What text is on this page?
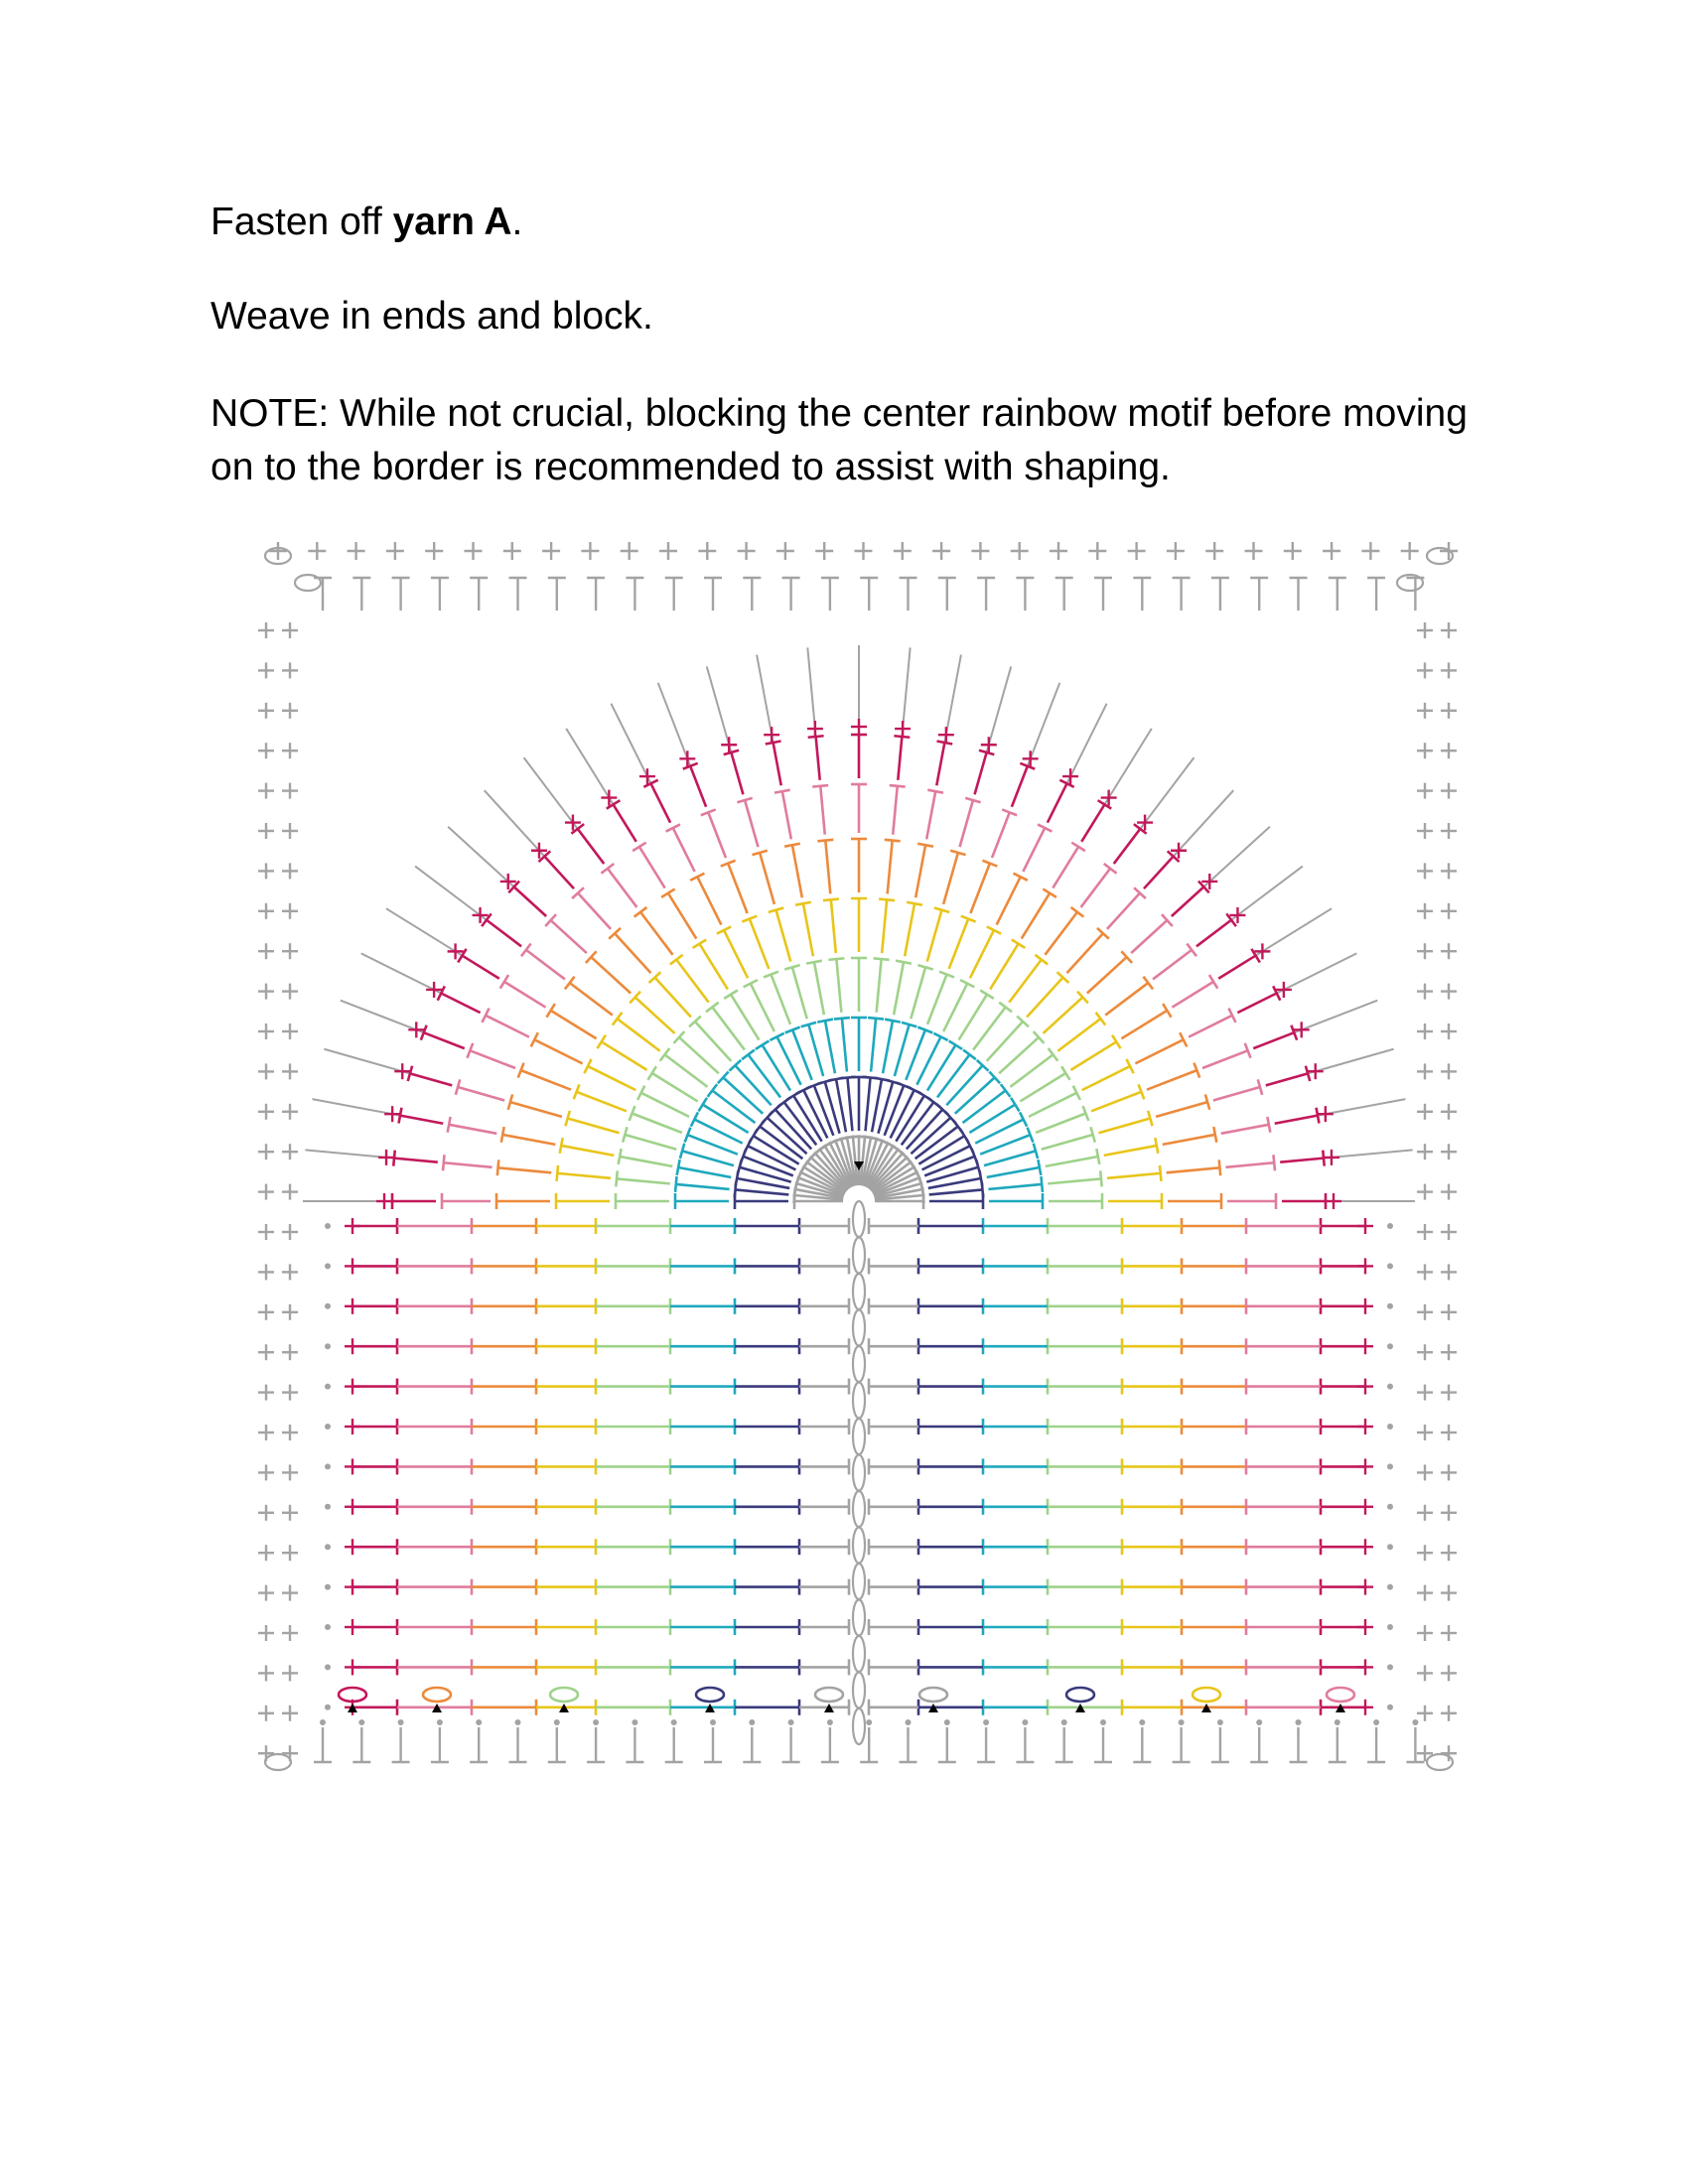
Fasten off yarn A.

Weave in ends and block.

NOTE: While not crucial, blocking the center rainbow motif before moving on to the border is recommended to assist with shaping.
